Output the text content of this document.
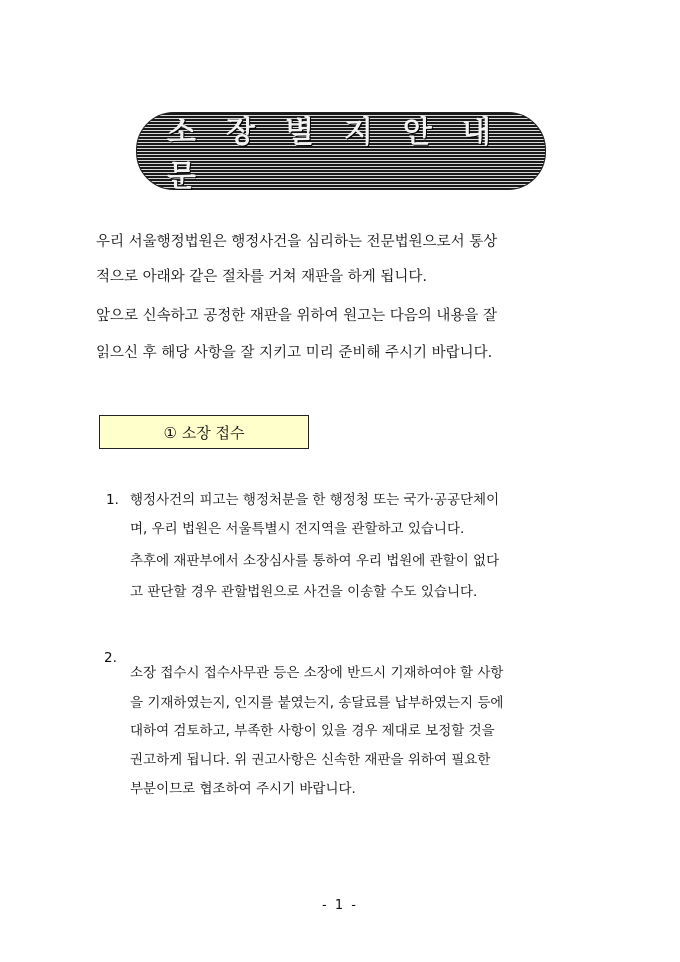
소장별지안내문
우리 서울행정법원은 행정사건을 심리하는 전문법원으로서 통상
적으로 아래와 같은 절차를 거쳐 재판을 하게 됩니다.
앞으로 신속하고 공정한 재판을 위하여 원고는 다음의 내용을 잘
읽으신 후 해당 사항을 잘 지키고 미리 준비해 주시기 바랍니다.
① 소장 접수
1. 행정사건의 피고는 행정처분을 한 행정청 또는 국가·공공단체이
며, 우리 법원은 서울특별시 전지역을 관할하고 있습니다.
추후에 재판부에서 소장심사를 통하여 우리 법원에 관할이 없다
고 판단할 경우 관할법원으로 사건을 이송할 수도 있습니다.
2.
소장 접수시 접수사무관 등은 소장에 반드시 기재하여야 할 사항
을 기재하였는지, 인지를 붙였는지, 송달료를 납부하였는지 등에
대하여 검토하고, 부족한 사항이 있을 경우 제대로 보정할 것을
권고하게 됩니다. 위 권고사항은 신속한 재판을 위하여 필요한
부분이므로 협조하여 주시기 바랍니다.
- 1 -
